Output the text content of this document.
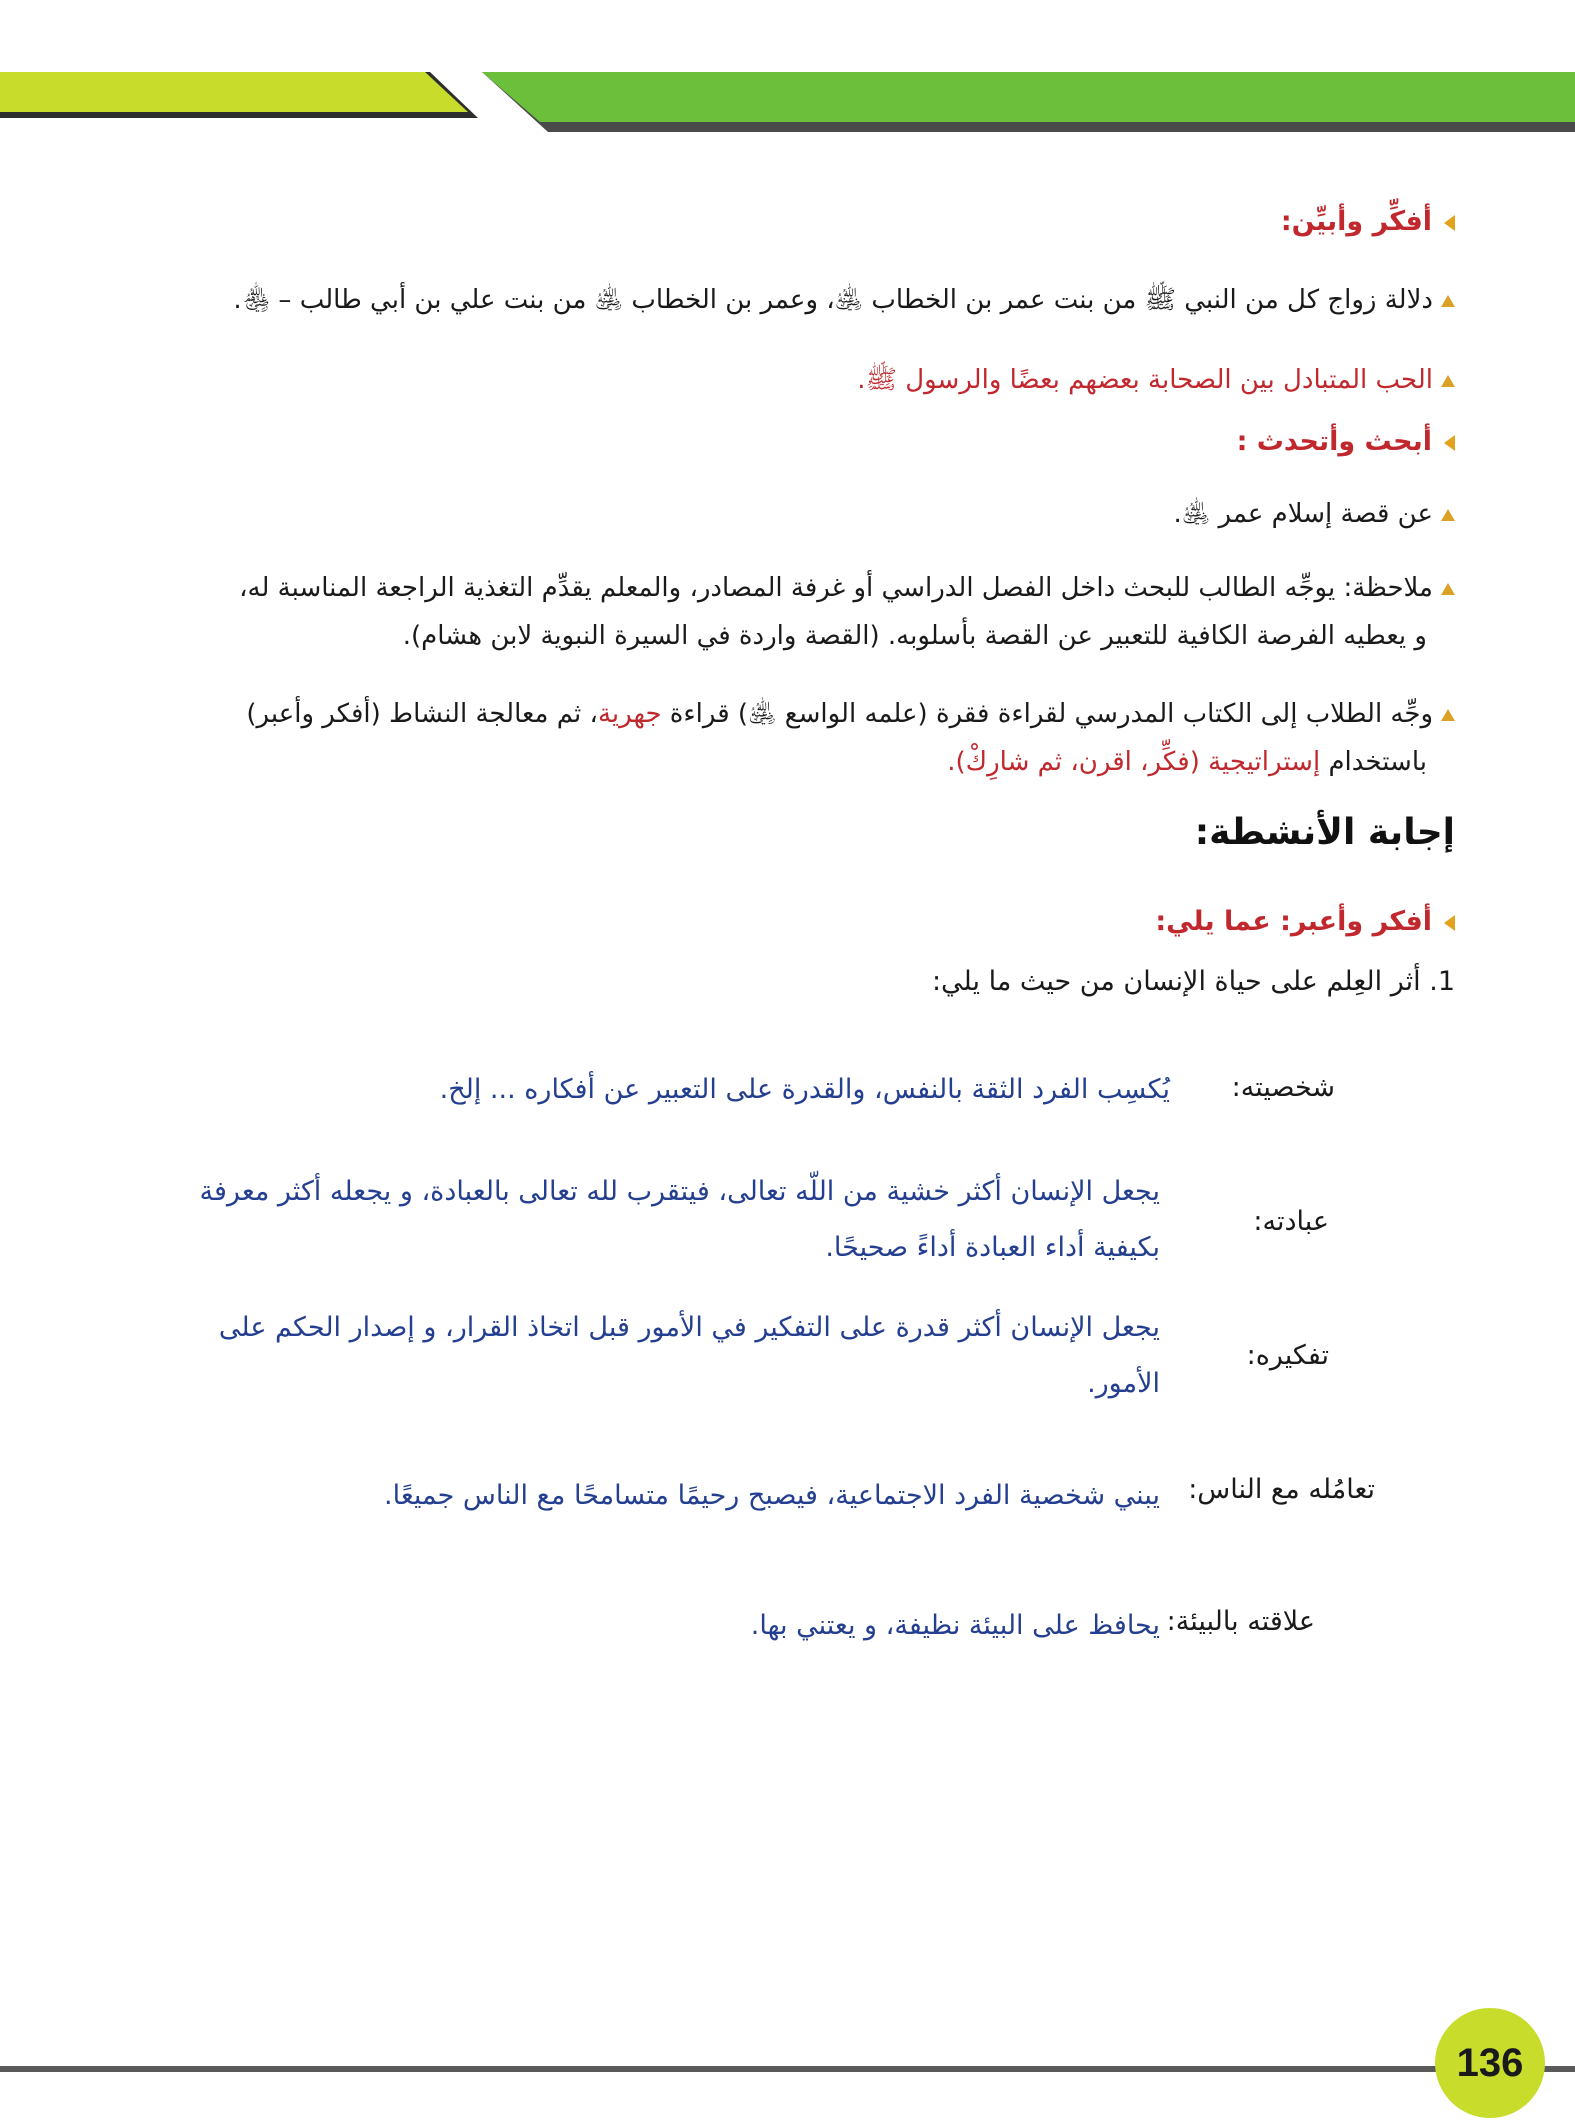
أفكِّر وأبيِّن:
دلالة زواج كل من النبي ﷺ من بنت عمر بن الخطاب ﵁، وعمر بن الخطاب ﵁ من بنت علي بن أبي طالب – ﵃.
الحب المتبادل بين الصحابة بعضهم بعضًا والرسول ﷺ.
أبحث وأتحدث :
عن قصة إسلام عمر ﵁.
ملاحظة: يوجِّه الطالب للبحث داخل الفصل الدراسي أو غرفة المصادر، والمعلم يقدِّم التغذية الراجعة المناسبة له،
و يعطيه الفرصة الكافية للتعبير عن القصة بأسلوبه. (القصة واردة في السيرة النبوية لابن هشام).
وجِّه الطلاب إلى الكتاب المدرسي لقراءة فقرة (علمه الواسع ﵁) قراءة جهرية، ثم معالجة النشاط (أفكر وأعبر)
باستخدام إستراتيجية (فكِّر، اقرن، ثم شارِكْ).
إجابة الأنشطة:
أفكر وأعبر: عما يلي:
1. أثر العِلم على حياة الإنسان من حيث ما يلي:
شخصيته:
يُكسِب الفرد الثقة بالنفس، والقدرة على التعبير عن أفكاره ... إلخ.
عبادته:
يجعل الإنسان أكثر خشية من اللّه تعالى، فيتقرب لله تعالى بالعبادة، و يجعله أكثر معرفة بكيفية أداء العبادة أداءً صحيحًا.
تفكيره:
يجعل الإنسان أكثر قدرة على التفكير في الأمور قبل اتخاذ القرار، و إصدار الحكم على الأمور.
تعامُله مع الناس:
يبني شخصية الفرد الاجتماعية، فيصبح رحيمًا متسامحًا مع الناس جميعًا.
علاقته بالبيئة:
يحافظ على البيئة نظيفة، و يعتني بها.
136
